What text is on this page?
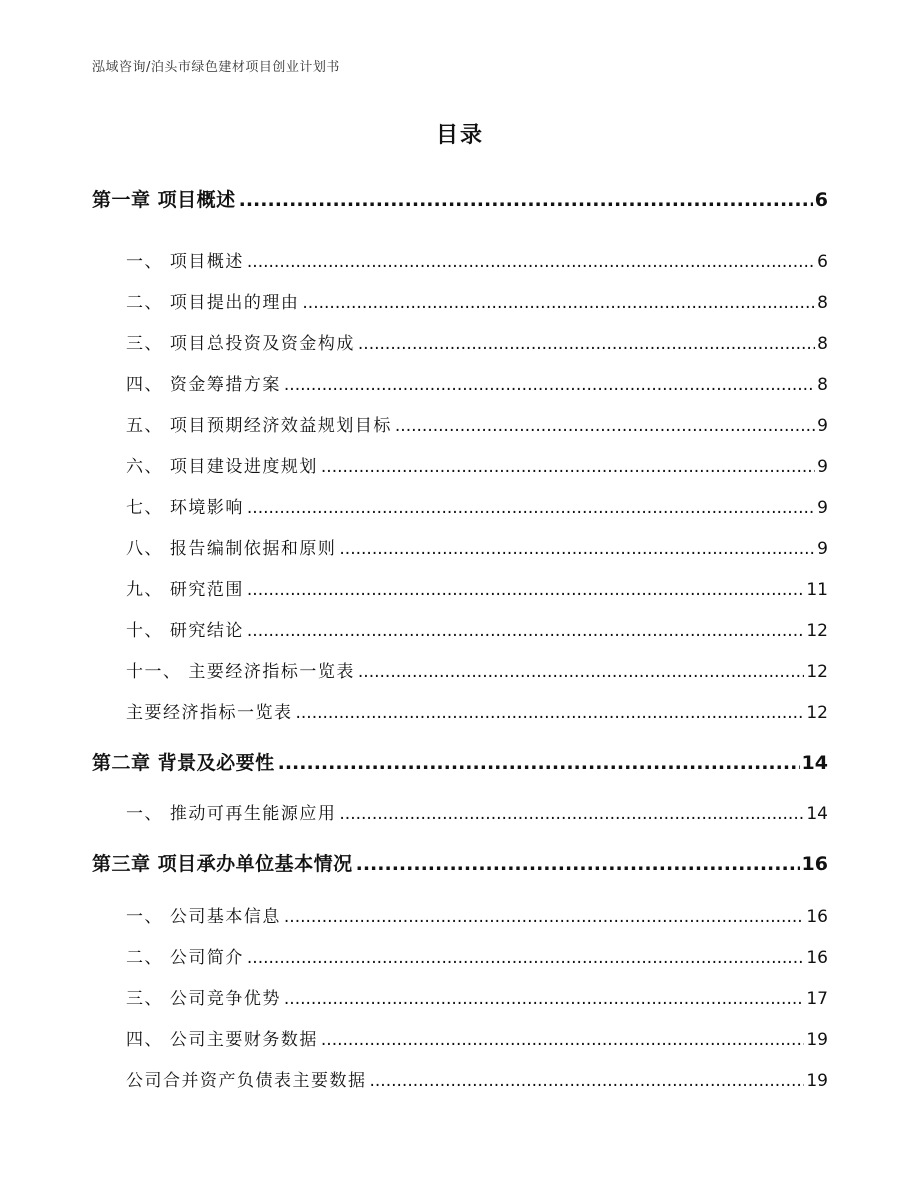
泓域咨询/泊头市绿色建材项目创业计划书
目录
第一章 项目概述 .....	6
一、 项目概述 .....	6
二、 项目提出的理由 .....	8
三、 项目总投资及资金构成 .....	8
四、 资金筹措方案 .....	8
五、 项目预期经济效益规划目标 .....	9
六、 项目建设进度规划 .....	9
七、 环境影响 .....	9
八、 报告编制依据和原则 .....	9
九、 研究范围 .....	11
十、 研究结论 .....	12
十一、 主要经济指标一览表 .....	12
主要经济指标一览表 .....	12
第二章 背景及必要性 .....	14
一、 推动可再生能源应用 .....	14
第三章 项目承办单位基本情况 .....	16
一、 公司基本信息 .....	16
二、 公司简介 .....	16
三、 公司竞争优势 .....	17
四、 公司主要财务数据 .....	19
公司合并资产负债表主要数据 .....	19
